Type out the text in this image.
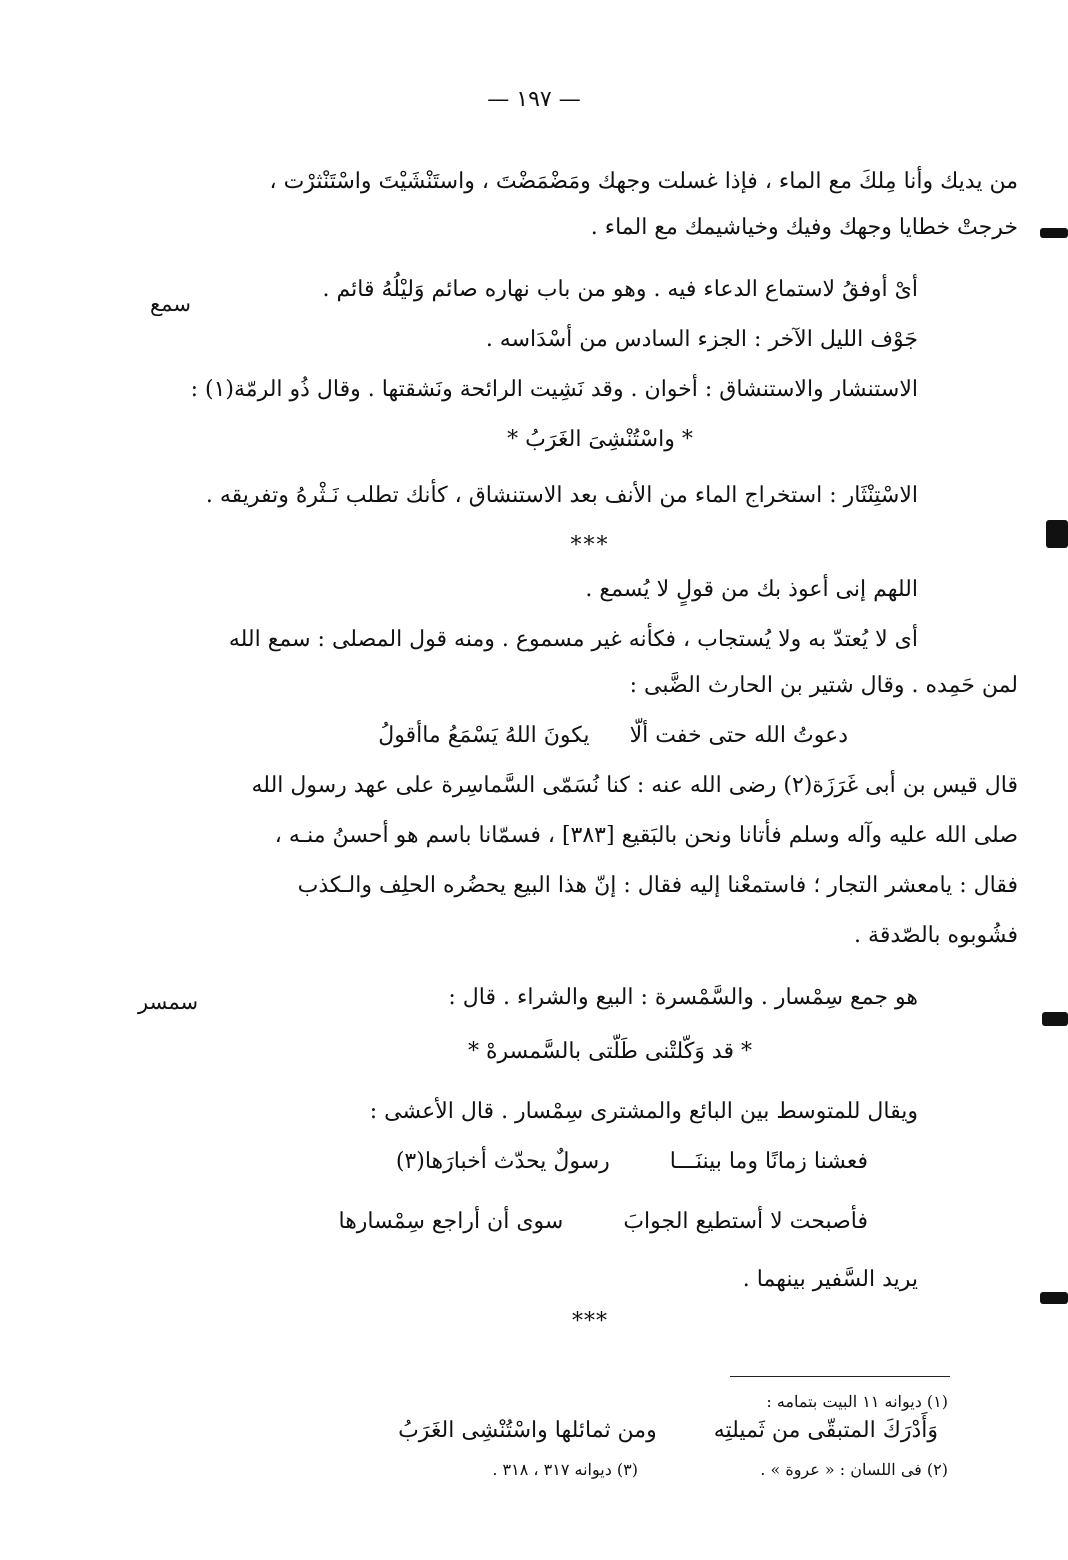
— ١٩٧ —
سمع
سمسر
من يديك وأنا مِلكَ مع الماء ، فإذا غسلت وجهك ومَضْمَضْتَ ، واستَنْشَيْتَ واسْتَنْثرْت ،
خرجتْ خطايا وجهك وفيك وخياشيمك مع الماء .
أىْ أوفقُ لاستماع الدعاء فيه . وهو من باب نهاره صائم وَليْلُهُ قائم .
جَوْف الليل الآخر : الجزء السادس من أسْدَاسه .
الاستنشار والاستنشاق : أخوان . وقد نَشِيت الرائحة ونَشقتها . وقال ذُو الرمّة(١) :
* واسْتُنْشِىَ الغَرَبُ *
الاسْتِنْثَار : استخراج الماء من الأنف بعد الاستنشاق ، كأنك تطلب نَـثْرهُ وتفريقه .
***
اللهم إنى أعوذ بك من قولٍ لا يُسمع .
أى لا يُعتدّ به ولا يُستجاب ، فكأنه غير مسموع . ومنه قول المصلى : سمع الله
لمن حَمِده . وقال شتير بن الحارث الضَّبى :
دعوتُ الله حتى خفت ألّا
يكونَ اللهُ يَسْمَعُ ماأقولُ
قال قيس بن أبى غَرَزَة(٢) رضى الله عنه : كنا نُسَمّى السَّماسِرة على عهد رسول الله
صلى الله عليه وآله وسلم فأتانا ونحن بالبَقيع [٣٨٣] ، فسمّانا باسم هو أحسنُ منـه ،
فقال : يامعشر التجار ؛ فاستمعْنا إليه فقال : إنّ هذا البيع يحضُره الحلِف والـكذب
فشُوبوه بالصّدقة .
هو جمع سِمْسار . والسَّمْسرة : البيع والشراء . قال :
* قد وَكّلتْنى طَلّتى بالسَّمسرهْ *
ويقال للمتوسط بين البائع والمشترى سِمْسار . قال الأعشى :
فعشنا زمانًا وما بيننَـــا
رسولٌ يحدّث أخبارَها(٣)
فأصبحت لا أستطيع الجوابَ
سوى أن أراجع سِمْسارها
يريد السَّفير بينهما .
***
(١) ديوانه ١١ البيت بتمامه :
وَأَدْرَكَ المتبقّى من ثَميلتِه ومن ثمائلها واسْتُنْشِى الغَرَبُ
(٢) فى اللسان : « عروة » .
(٣) ديوانه ٣١٧ ، ٣١٨ .
